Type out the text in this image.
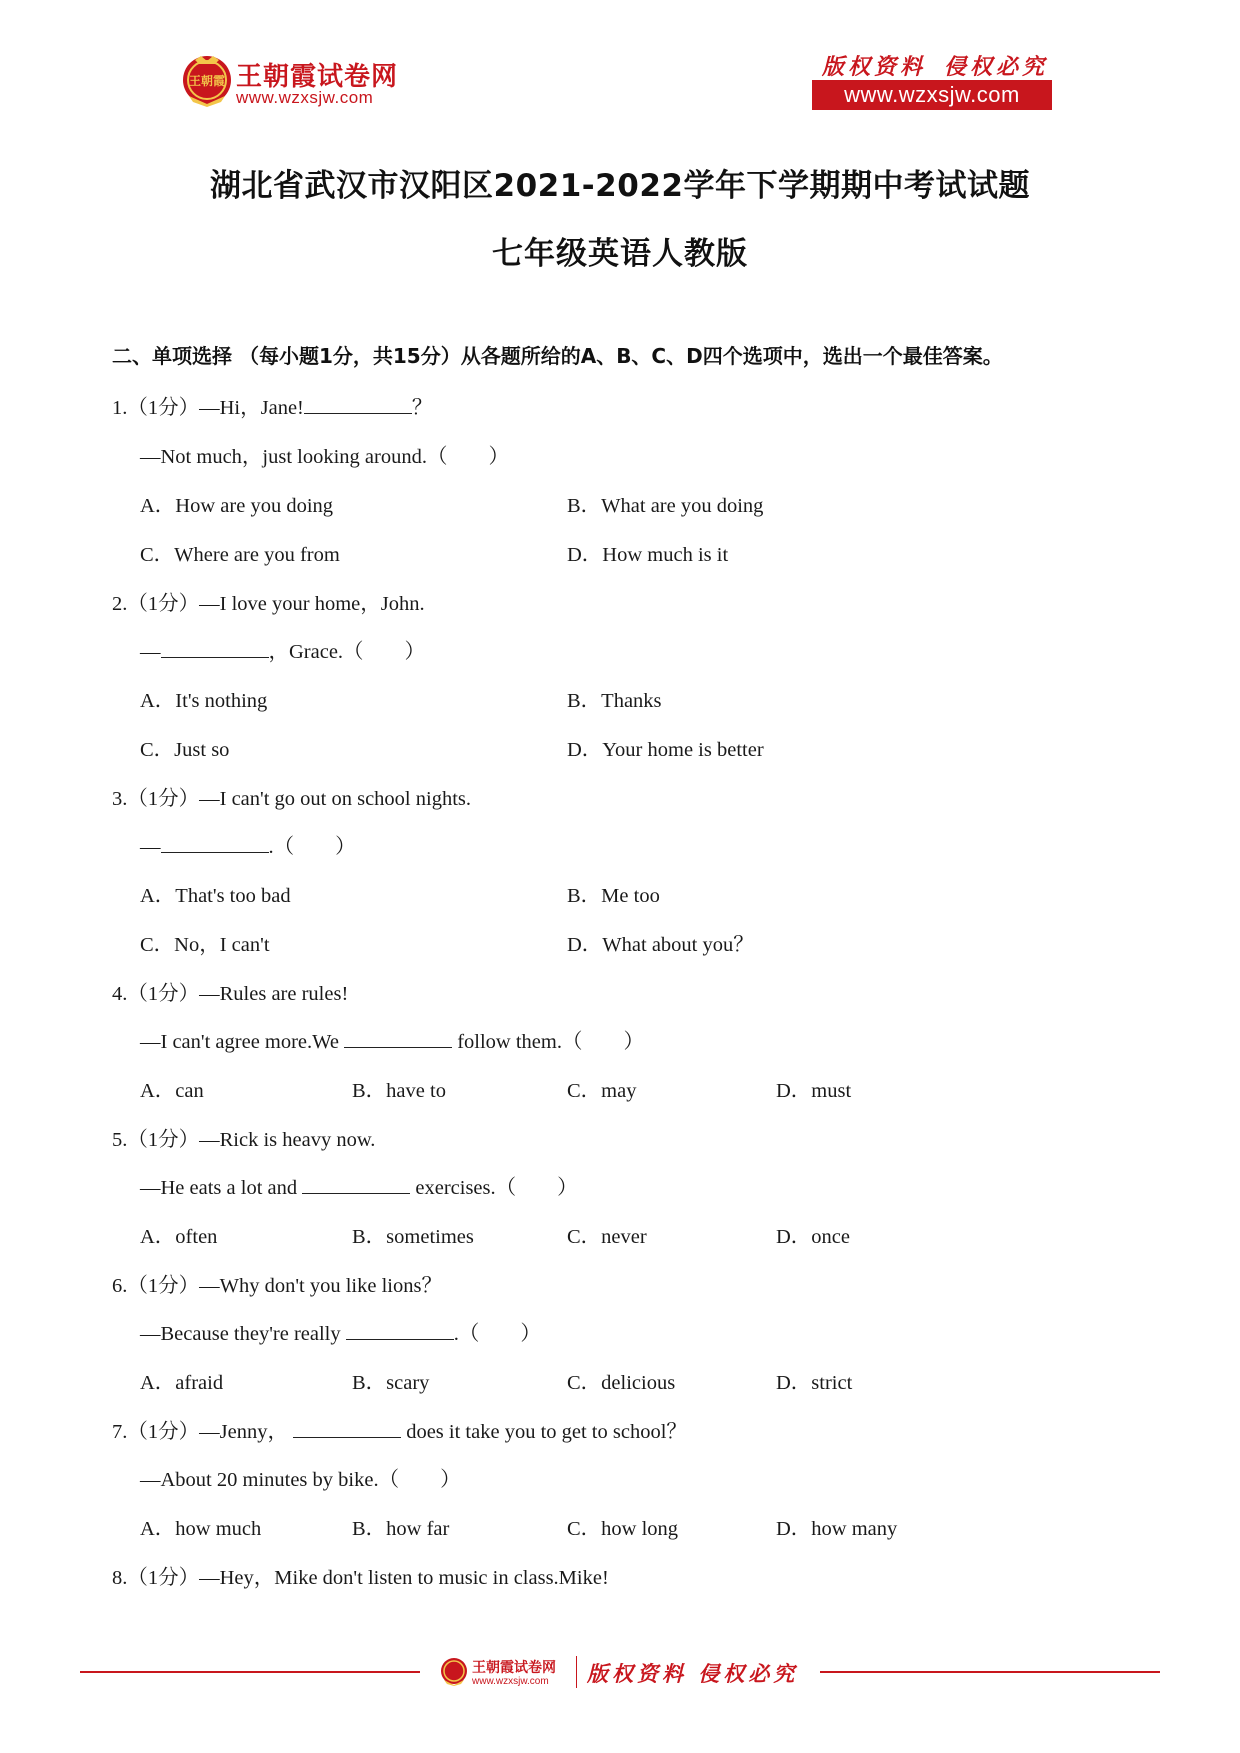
王朝霞 王朝霞试卷网
www.wzxsjw.com
版权资料 侵权必究
www.wzxsjw.com
湖北省武汉市汉阳区2021-2022学年下学期期中考试试题
七年级英语人教版
二、单项选择 （每小题1分，共15分）从各题所给的A、B、C、D四个选项中，选出一个最佳答案。
1.（1分）—Hi，Jane!	？
—Not much，just looking around.（　　）
A．How are you doing	B．What are you doing
C．Where are you from	D．How much is it
2.（1分）—I love your home，John.
—	，Grace.（　　）
A．It's nothing	B．Thanks
C．Just so	D．Your home is better
3.（1分）—I can't go out on school nights.
—	.（　　）
A．That's too bad	B．Me too
C．No，I can't	D．What about you？
4.（1分）—Rules are rules!
—I can't agree more.We	follow them.（　　）
A．can	B．have to	C．may	D．must
5.（1分）—Rick is heavy now.
—He eats a lot and	exercises.（　　）
A．often	B．sometimes	C．never	D．once
6.（1分）—Why don't you like lions？
—Because they're really	.（　　）
A．afraid	B．scary	C．delicious	D．strict
7.（1分）—Jenny，	does it take you to get to school？
—About 20 minutes by bike.（　　）
A．how much	B．how far	C．how long	D．how many
8.（1分）—Hey，Mike don't listen to music in class.Mike!
王朝霞试卷网
www.wzxsjw.com 版权资料 侵权必究
